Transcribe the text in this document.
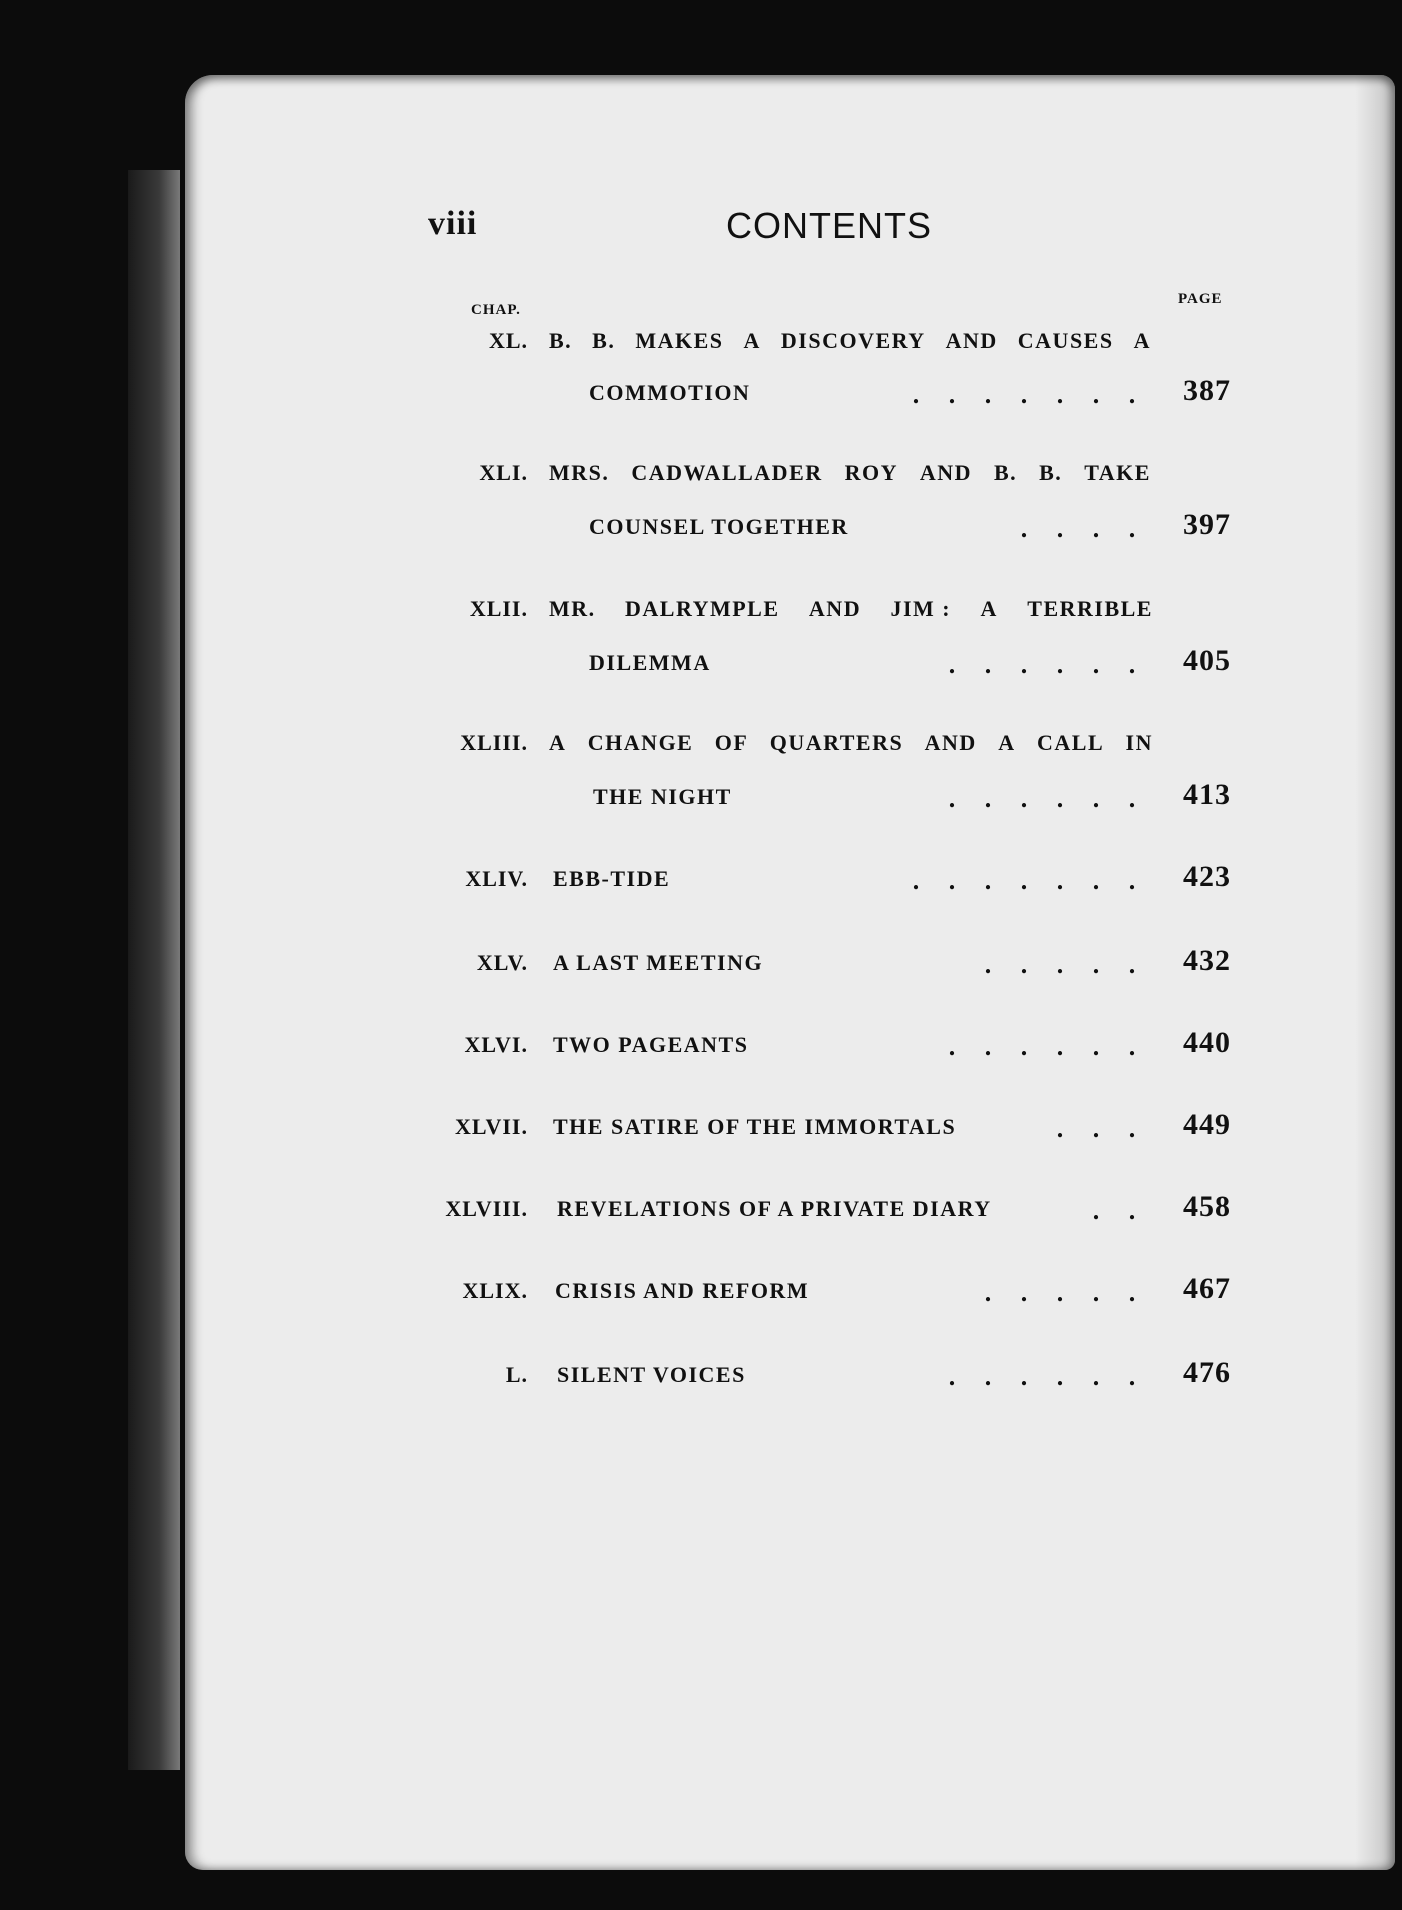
viii	CONTENTS
CHAP.
PAGE
XL. B. B. MAKES A DISCOVERY AND CAUSES A
COMMOTION	. . . . . . .	387
XLI. MRS. CADWALLADER ROY AND B. B. TAKE
COUNSEL TOGETHER	. . . .	397
XLII. MR. DALRYMPLE AND JIM : A TERRIBLE
DILEMMA	. . . . . .	405
XLIII. A CHANGE OF QUARTERS AND A CALL IN
THE NIGHT	. . . . . .	413
XLIV. EBB-TIDE	. . . . . . .	423
XLV. A LAST MEETING	. . . . .	432
XLVI. TWO PAGEANTS	. . . . . .	440
XLVII. THE SATIRE OF THE IMMORTALS	. . .	449
XLVIII. REVELATIONS OF A PRIVATE DIARY	. .	458
XLIX. CRISIS AND REFORM	. . . . .	467
L. SILENT VOICES	. . . . . .	476
